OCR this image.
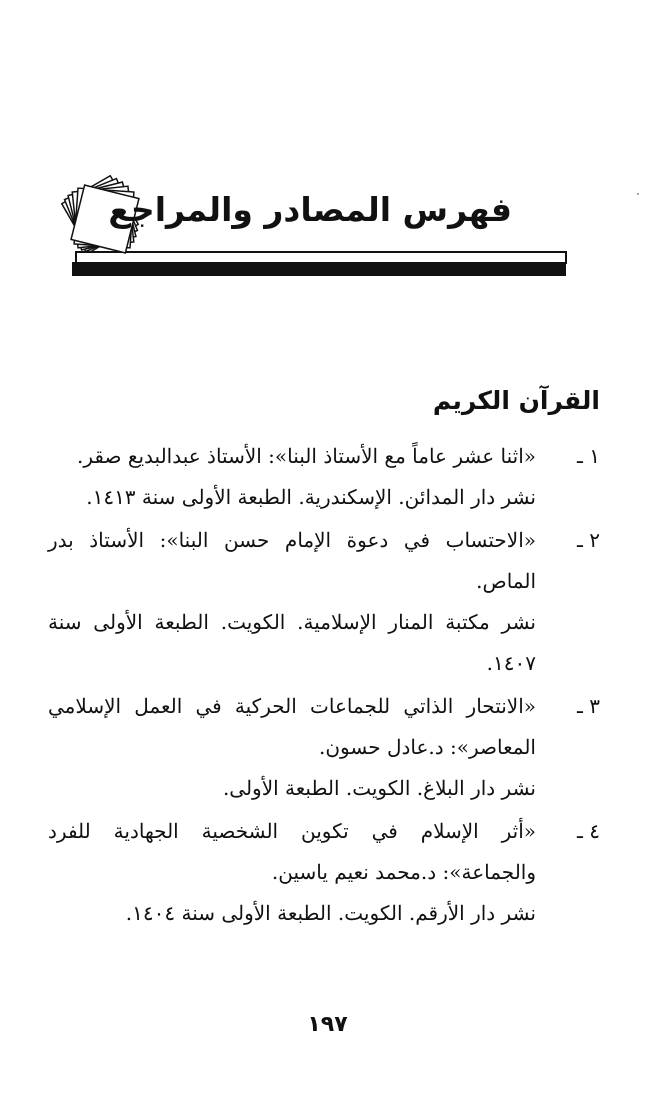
فهرس المصادر والمراجع
القرآن الكريم
١ ـ

«اثنا عشر عاماً مع الأستاذ البنا»: الأستاذ عبدالبديع صقر.

نشر دار المدائن. الإسكندرية. الطبعة الأولى سنة ١٤١٣.

٢ ـ

«الاحتساب في دعوة الإمام حسن البنا»: الأستاذ بدر الماص.

نشر مكتبة المنار الإسلامية. الكويت. الطبعة الأولى سنة ١٤٠٧.

٣ ـ

«الانتحار الذاتي للجماعات الحركية في العمل الإسلامي المعاصر»: د.عادل حسون.

نشر دار البلاغ. الكويت. الطبعة الأولى.

٤ ـ

«أثر الإسلام في تكوين الشخصية الجهادية للفرد والجماعة»: د.محمد نعيم ياسين.

نشر دار الأرقم. الكويت. الطبعة الأولى سنة ١٤٠٤.

١٩٧
